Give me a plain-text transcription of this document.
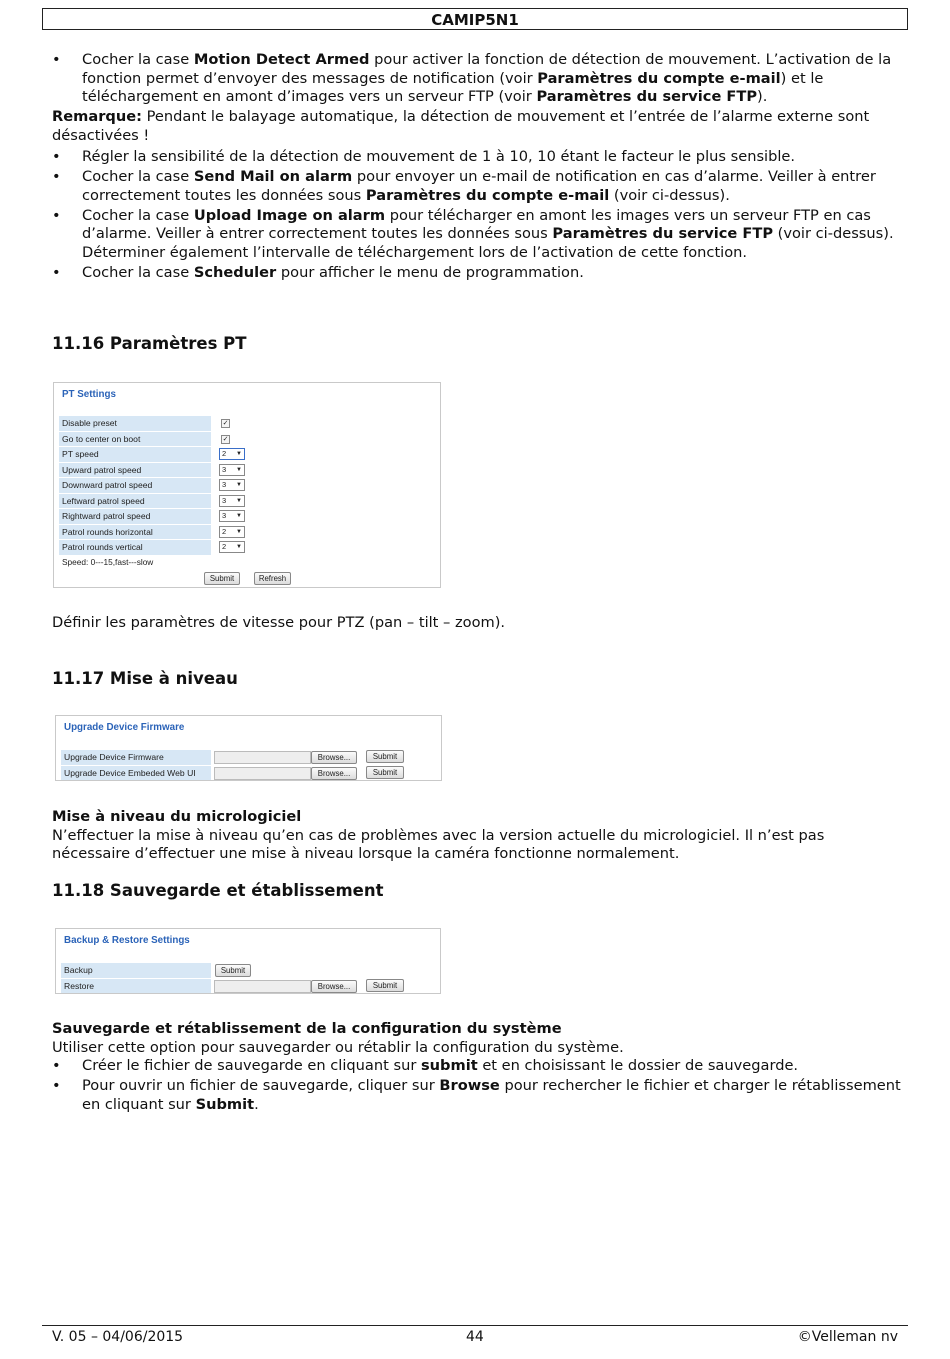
CAMIP5N1
• Cocher la case Motion Detect Armed pour activer la fonction de détection de mouvement. L’activation de la fonction permet d’envoyer des messages de notification (voir Paramètres du compte e-mail) et le téléchargement en amont d’images vers un serveur FTP (voir Paramètres du service FTP).
Remarque: Pendant le balayage automatique, la détection de mouvement et l’entrée de l’alarme externe sont désactivées !
• Régler la sensibilité de la détection de mouvement de 1 à 10, 10 étant le facteur le plus sensible.
• Cocher la case Send Mail on alarm pour envoyer un e-mail de notification en cas d’alarme. Veiller à entrer correctement toutes les données sous Paramètres du compte e-mail (voir ci-dessus).
• Cocher la case Upload Image on alarm pour télécharger en amont les images vers un serveur FTP en cas d’alarme. Veiller à entrer correctement toutes les données sous Paramètres du service FTP (voir ci-dessus). Déterminer également l’intervalle de téléchargement lors de l’activation de cette fonction.
• Cocher la case Scheduler pour afficher le menu de programmation.
11.16 Paramètres PT
PT Settings
Disable preset	✓
Go to center on boot	✓
PT speed	2 ▼
Upward patrol speed	3 ▼
Downward patrol speed	3 ▼
Leftward patrol speed	3 ▼
Rightward patrol speed	3 ▼
Patrol rounds horizontal	2 ▼
Patrol rounds vertical	2 ▼
Speed: 0---15,fast---slow
Submit	Refresh
Définir les paramètres de vitesse pour PTZ (pan – tilt – zoom).
11.17 Mise à niveau
Upgrade Device Firmware
Upgrade Device Firmware	Browse...	Submit
Upgrade Device Embeded Web UI	Browse...	Submit
Mise à niveau du micrologiciel
N’effectuer la mise à niveau qu’en cas de problèmes avec la version actuelle du micrologiciel. Il n’est pas nécessaire d’effectuer une mise à niveau lorsque la caméra fonctionne normalement.
11.18 Sauvegarde et établissement
Backup & Restore Settings
Backup	Submit
Restore	Browse...	Submit
Sauvegarde et rétablissement de la configuration du système
Utiliser cette option pour sauvegarder ou rétablir la configuration du système.
• Créer le fichier de sauvegarde en cliquant sur submit et en choisissant le dossier de sauvegarde.
• Pour ouvrir un fichier de sauvegarde, cliquer sur Browse pour rechercher le fichier et charger le rétablissement en cliquant sur Submit.
V. 05 – 04/06/2015	44	©Velleman nv
